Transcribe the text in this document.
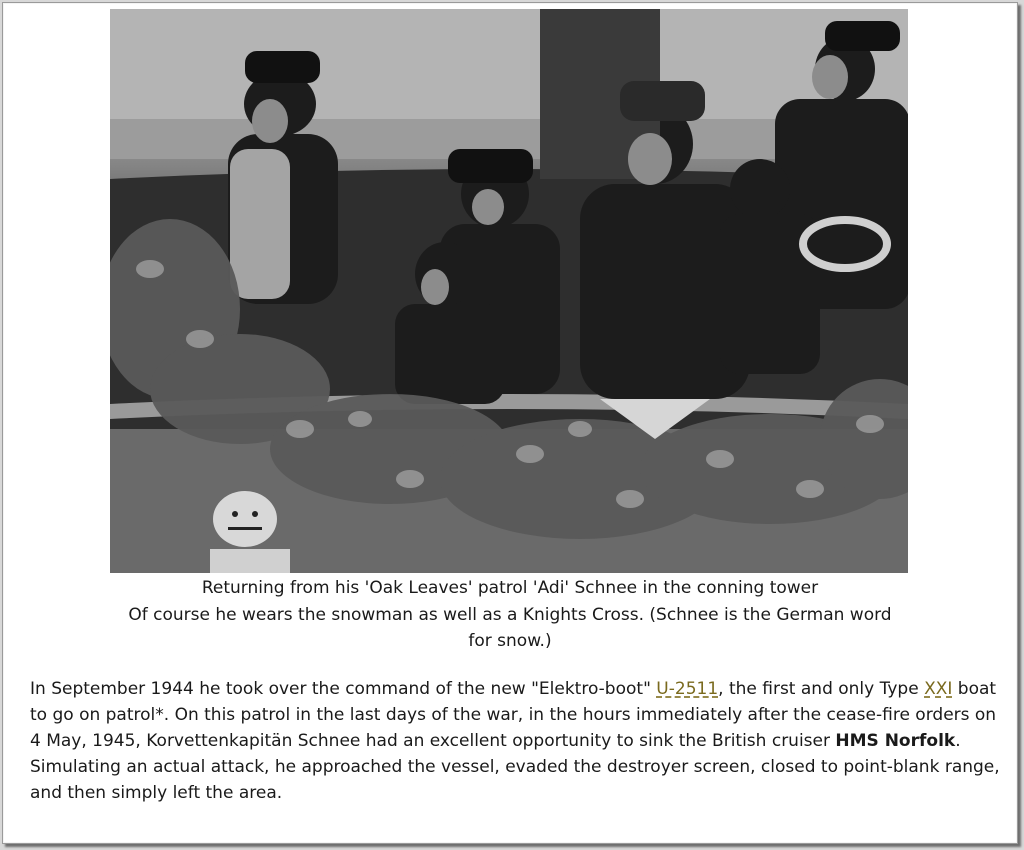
Returning from his 'Oak Leaves' patrol 'Adi' Schnee in the conning tower
Of course he wears the snowman as well as a Knights Cross. (Schnee is the German word
for snow.)
In September 1944 he took over the command of the new "Elektro-boot" U-2511, the first and only Type XXI boat to go on patrol*. On this patrol in the last days of the war, in the hours immediately after the cease-fire orders on 4 May, 1945, Korvettenkapitän Schnee had an excellent opportunity to sink the British cruiser HMS Norfolk. Simulating an actual attack, he approached the vessel, evaded the destroyer screen, closed to point-blank range, and then simply left the area.
